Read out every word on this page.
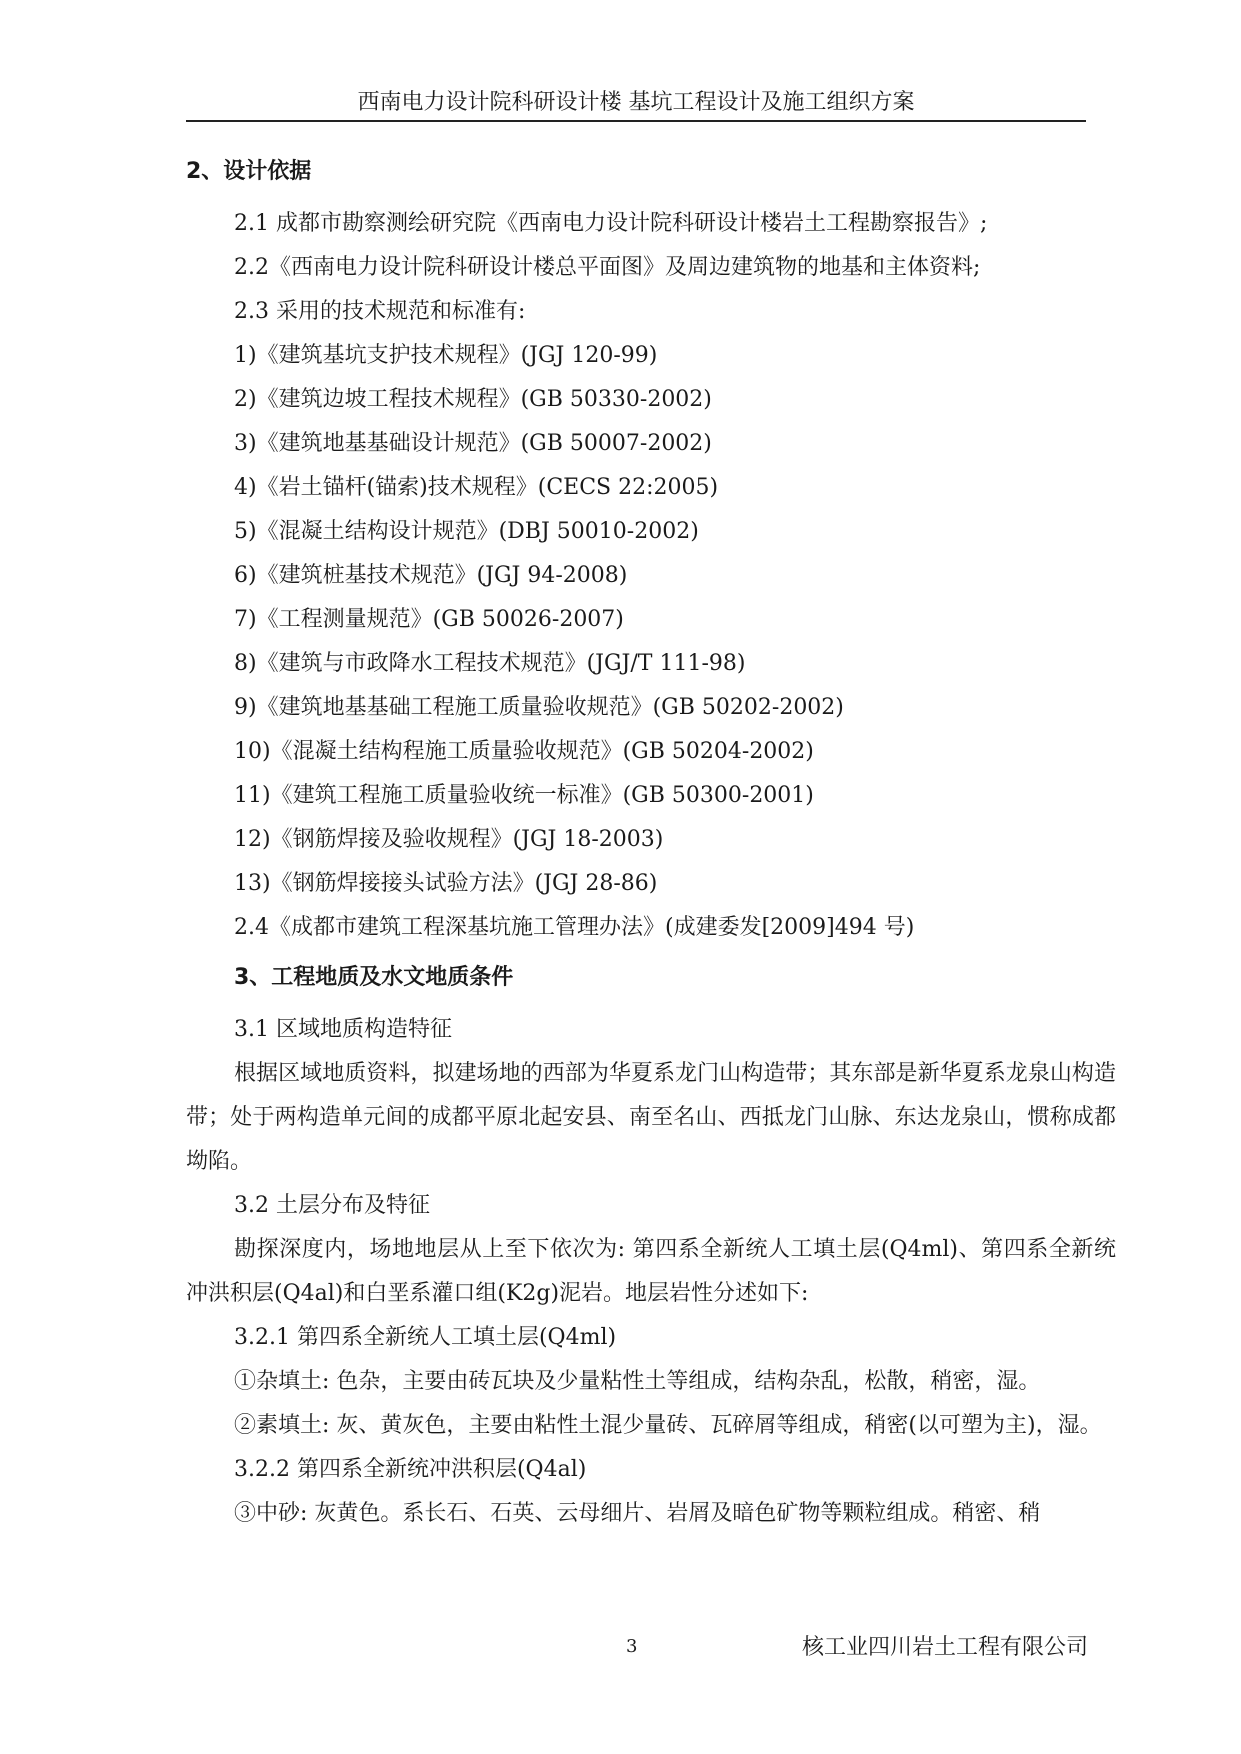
西南电力设计院科研设计楼 基坑工程设计及施工组织方案
2、设计依据
2.1 成都市勘察测绘研究院《西南电力设计院科研设计楼岩土工程勘察报告》;
2.2《西南电力设计院科研设计楼总平面图》及周边建筑物的地基和主体资料;
2.3 采用的技术规范和标准有:
1)《建筑基坑支护技术规程》(JGJ 120-99)
2)《建筑边坡工程技术规程》(GB 50330-2002)
3)《建筑地基基础设计规范》(GB 50007-2002)
4)《岩土锚杆(锚索)技术规程》(CECS 22:2005)
5)《混凝土结构设计规范》(DBJ 50010-2002)
6)《建筑桩基技术规范》(JGJ 94-2008)
7)《工程测量规范》(GB 50026-2007)
8)《建筑与市政降水工程技术规范》(JGJ/T 111-98)
9)《建筑地基基础工程施工质量验收规范》(GB 50202-2002)
10)《混凝土结构程施工质量验收规范》(GB 50204-2002)
11)《建筑工程施工质量验收统一标准》(GB 50300-2001)
12)《钢筋焊接及验收规程》(JGJ 18-2003)
13)《钢筋焊接接头试验方法》(JGJ 28-86)
2.4《成都市建筑工程深基坑施工管理办法》(成建委发[2009]494 号)
3、工程地质及水文地质条件
3.1 区域地质构造特征
根据区域地质资料，拟建场地的西部为华夏系龙门山构造带；其东部是新华夏系龙泉山构造带；处于两构造单元间的成都平原北起安县、南至名山、西抵龙门山脉、东达龙泉山，惯称成都坳陷。
3.2 土层分布及特征
勘探深度内，场地地层从上至下依次为: 第四系全新统人工填土层(Q4ml)、第四系全新统冲洪积层(Q4al)和白垩系灌口组(K2g)泥岩。地层岩性分述如下:
3.2.1 第四系全新统人工填土层(Q4ml)
①杂填土: 色杂，主要由砖瓦块及少量粘性土等组成，结构杂乱，松散，稍密，湿。
②素填土: 灰、黄灰色，主要由粘性土混少量砖、瓦碎屑等组成，稍密(以可塑为主)，湿。
3.2.2 第四系全新统冲洪积层(Q4al)
③中砂: 灰黄色。系长石、石英、云母细片、岩屑及暗色矿物等颗粒组成。稍密、稍
3	核工业四川岩土工程有限公司
